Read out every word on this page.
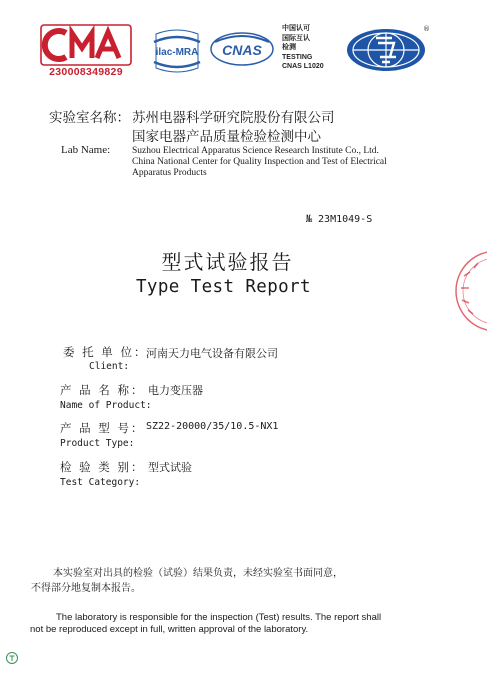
230008349829
ilac-MRA CNAS
中国认可
国际互认
检测
TESTING
CNAS L1020
®
实验室名称： 苏州电器科学研究院股份有限公司
国家电器产品质量检验检测中心
Lab Name: Suzhou Electrical Apparatus Science Research Institute Co., Ltd.
China National Center for Quality Inspection and Test of Electrical
Apparatus Products
№ 23M1049-S
型式试验报告
Type Test Report
委 托 单 位：
河南天力电气设备有限公司
Client:
产 品 名 称： 电力变压器
Name of Product:
产 品 型 号： SZ22-20000/35/10.5-NX1
Product Type:
检 验 类 别： 型式试验
Test Category:
本实验室对出具的检验（试验）结果负责，未经实验室书面同意，
不得部分地复制本报告。
The laboratory is responsible for the inspection (Test) results. The report shall
not be reproduced except in full, written approval of the laboratory.
